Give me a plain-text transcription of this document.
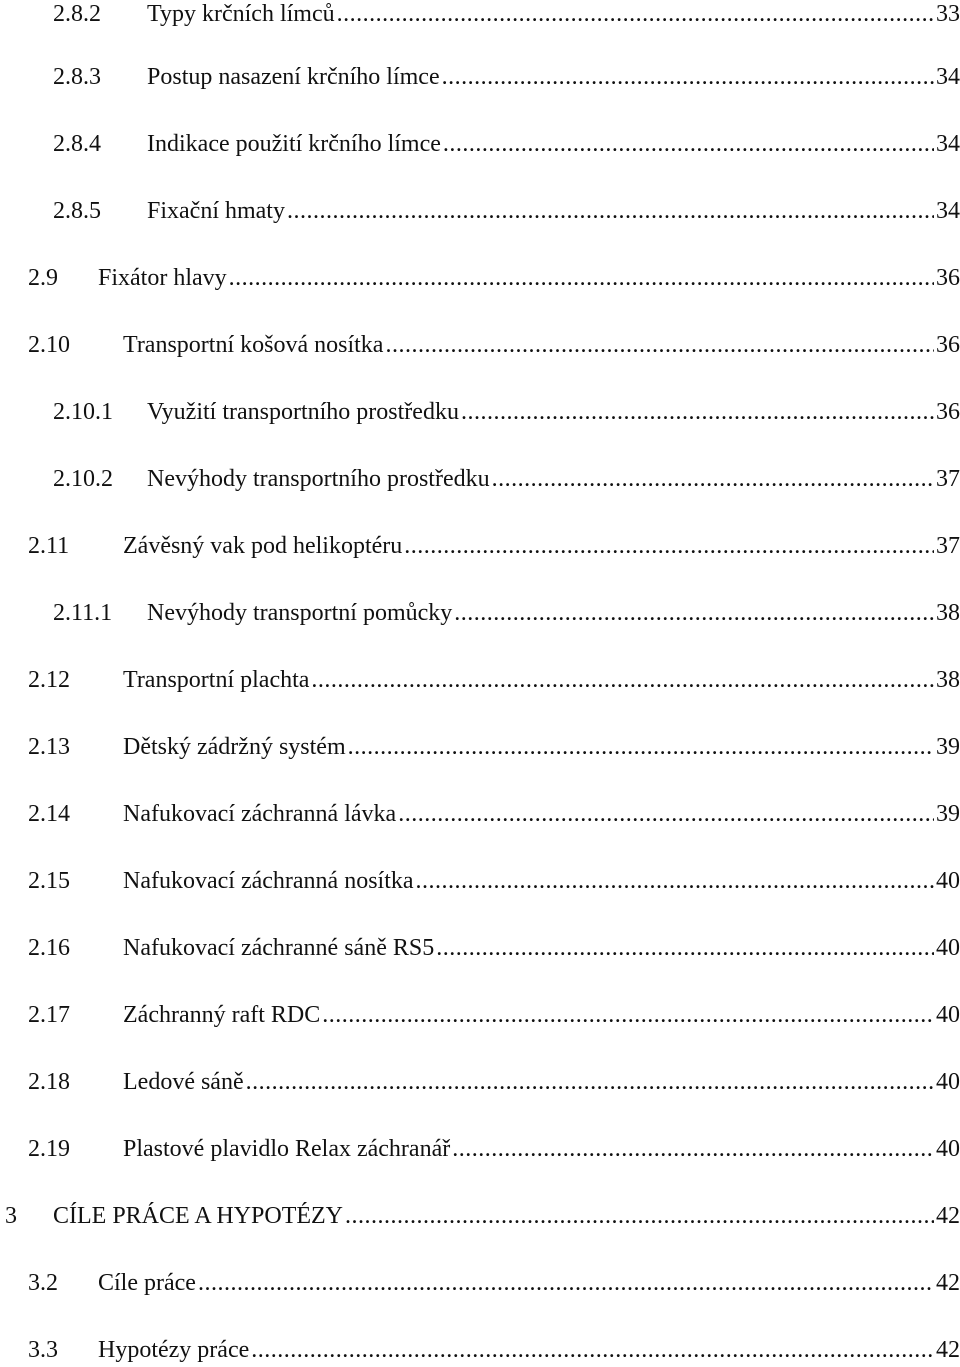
2.8.2	Typy krčních límců .....	33
2.8.3	Postup nasazení krčního límce .....	34
2.8.4	Indikace použití krčního límce .....	34
2.8.5	Fixační hmaty .....	34
2.9	Fixátor hlavy .....	36
2.10	Transportní košová nosítka .....	36
2.10.1	Využití transportního prostředku .....	36
2.10.2	Nevýhody transportního prostředku .....	37
2.11	Závěsný vak pod helikoptéru .....	37
2.11.1	Nevýhody transportní pomůcky .....	38
2.12	Transportní plachta .....	38
2.13	Dětský zádržný systém .....	39
2.14	Nafukovací záchranná lávka .....	39
2.15	Nafukovací záchranná nosítka .....	40
2.16	Nafukovací záchranné sáně RS5 .....	40
2.17	Záchranný raft RDC .....	40
2.18	Ledové sáně .....	40
2.19	Plastové plavidlo Relax záchranář .....	40
3	CÍLE PRÁCE A HYPOTÉZY .....	42
3.2	Cíle práce .....	42
3.3	Hypotézy práce .....	42
